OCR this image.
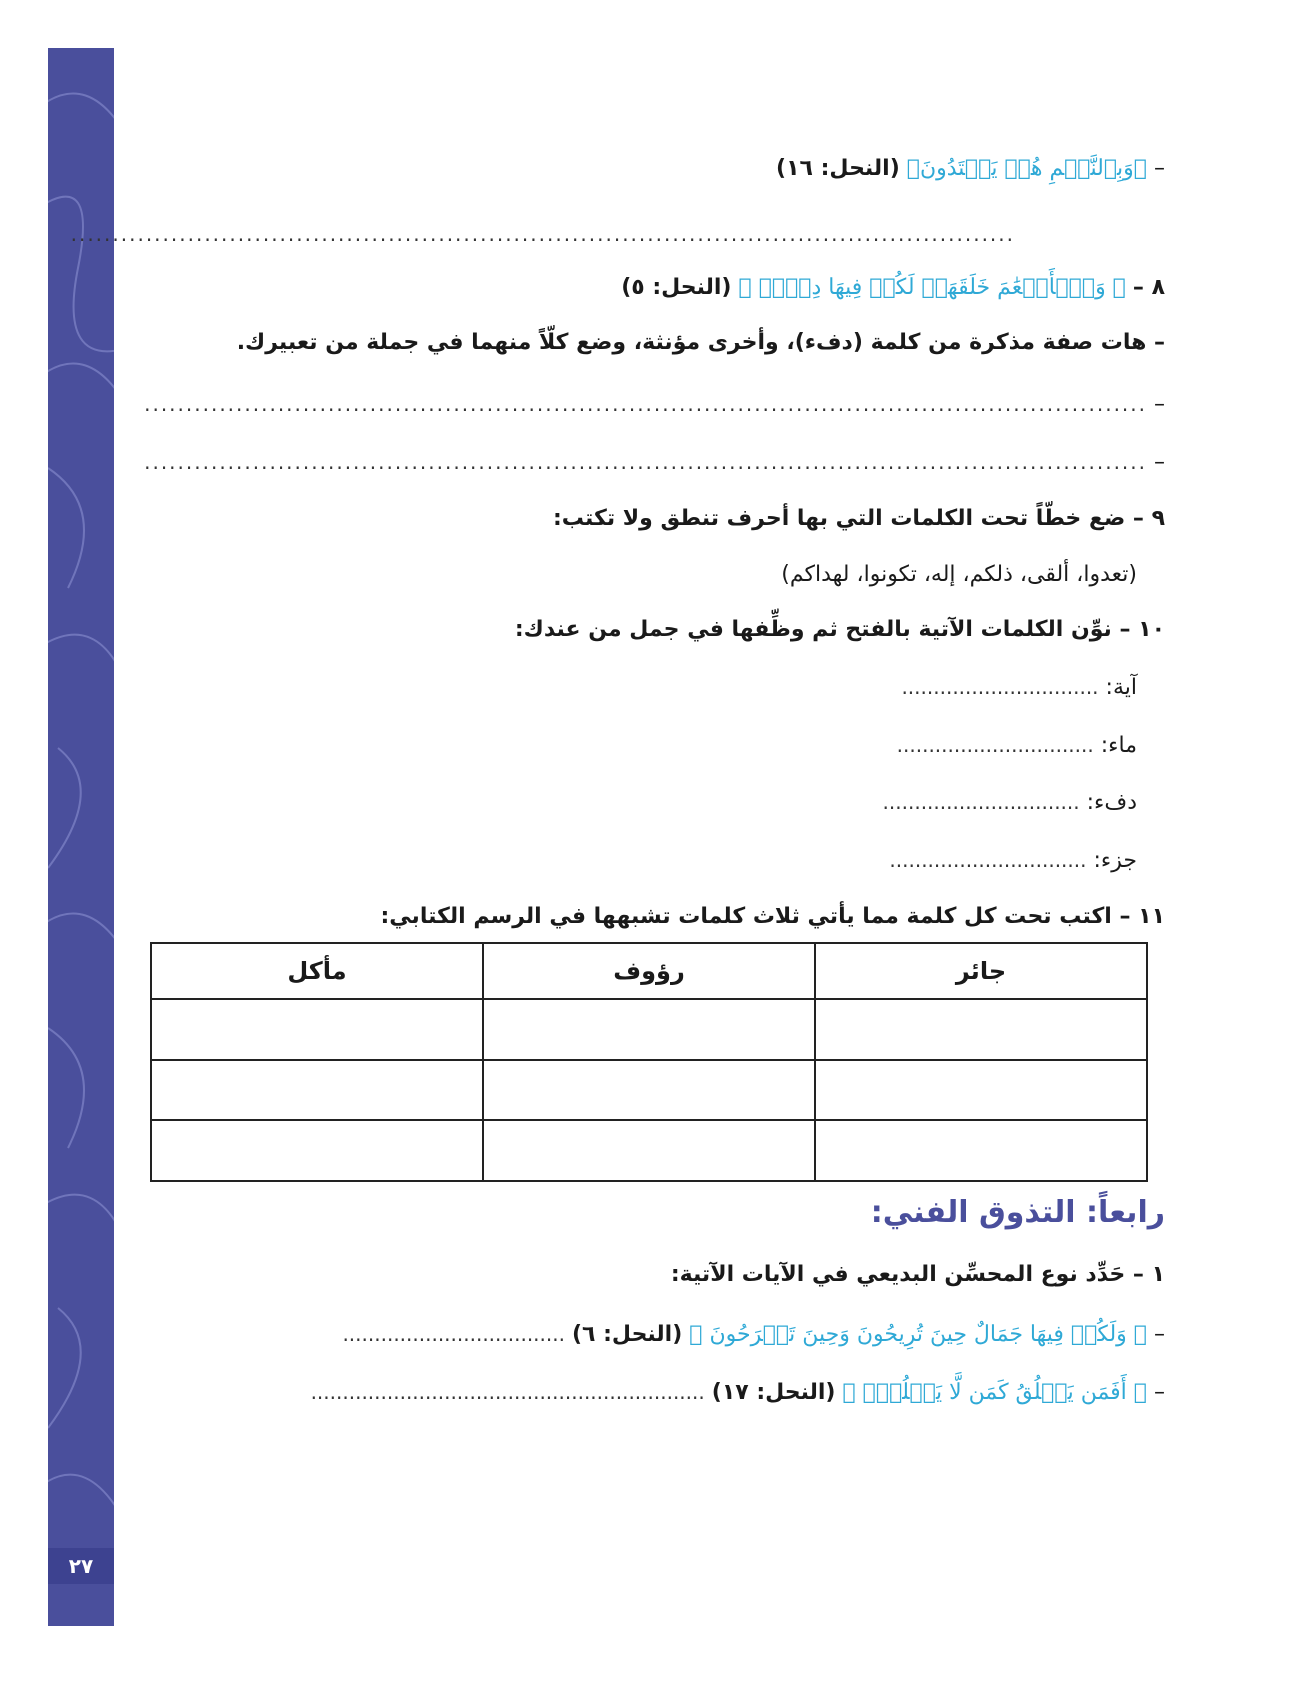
٢٧
– ﴿وَبِٱلنَّجۡمِ هُمۡ يَهۡتَدُونَ﴾ (النحل: ١٦)
.................................................................................................................
٨ – ﴿ وَٱلۡأَنۡعَٰمَ خَلَقَهَاۖ لَكُمۡ فِيهَا دِفۡءٞ ﴾ (النحل: ٥)
– هات صفة مذكرة من كلمة (دفء)، وأخرى مؤنثة، وضع كلّاً منهما في جملة من تعبيرك.
– ........................................................................................................................
– ........................................................................................................................
٩ – ضع خطّاً تحت الكلمات التي بها أحرف تنطق ولا تكتب:
(تعدوا، ألقى، ذلكم، إله، تكونوا، لهداكم)
١٠ – نوِّن الكلمات الآتية بالفتح ثم وظِّفها في جمل من عندك:
آية: ...............................
ماء: ...............................
دفء: ...............................
جزء: ...............................
١١ – اكتب تحت كل كلمة مما يأتي ثلاث كلمات تشبهها في الرسم الكتابي:
جائر	رؤوف	مأكل

رابعاً: التذوق الفني:
١ – حَدِّد نوع المحسِّن البديعي في الآيات الآتية:
– ﴿ وَلَكُمۡ فِيهَا جَمَالٌ حِينَ تُرِيحُونَ وَحِينَ تَسۡرَحُونَ ﴾ (النحل: ٦) ...................................
– ﴿ أَفَمَن يَخۡلُقُ كَمَن لَّا يَخۡلُقُۚ ﴾ (النحل: ١٧) ..............................................................
